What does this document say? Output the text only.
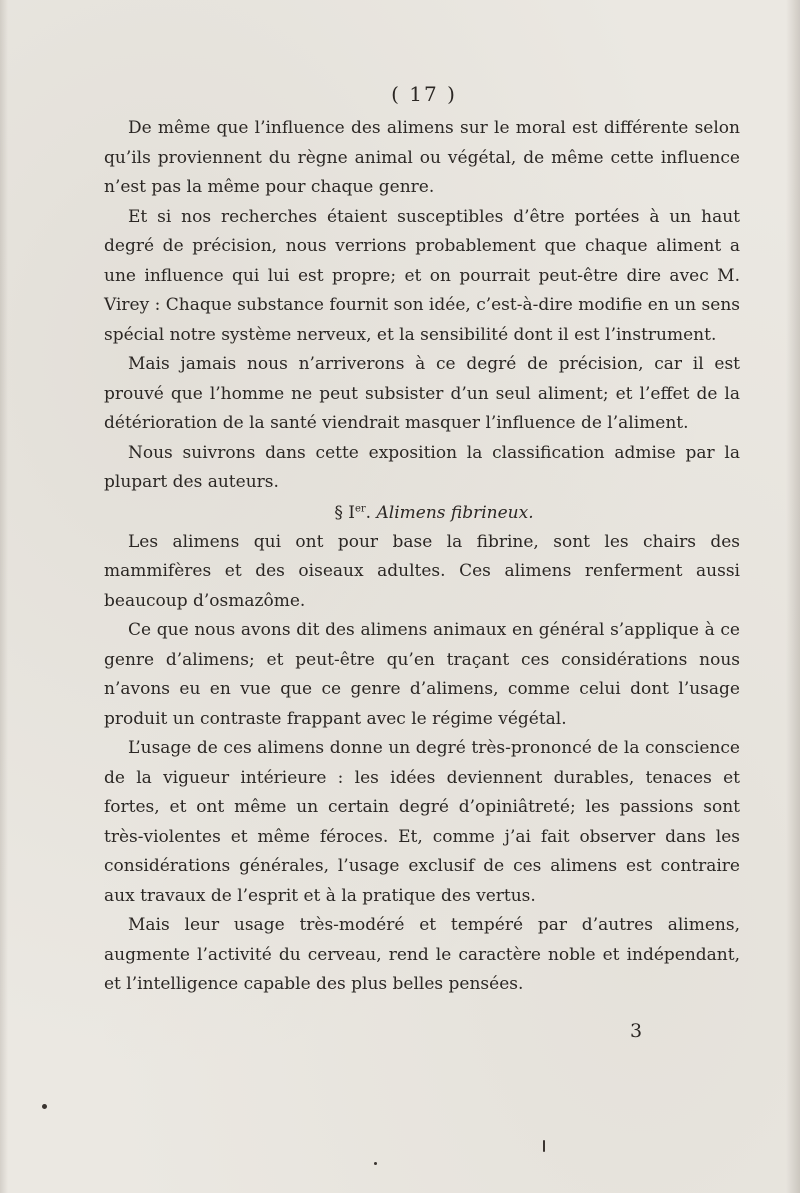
( 17 )

De même que l’influence des alimens sur le moral est différente selon qu’ils proviennent du règne animal ou végétal, de même cette influence n’est pas la même pour chaque genre.

Et si nos recherches étaient susceptibles d’être portées à un haut degré de précision, nous verrions probablement que chaque aliment a une influence qui lui est propre; et on pourrait peut-être dire avec M. Virey : Chaque substance fournit son idée, c’est-à-dire modifie en un sens spécial notre système nerveux, et la sensibilité dont il est l’instrument.

Mais jamais nous n’arriverons à ce degré de précision, car il est prouvé que l’homme ne peut subsister d’un seul aliment; et l’effet de la détérioration de la santé viendrait masquer l’influence de l’aliment.

Nous suivrons dans cette exposition la classification admise par la plupart des auteurs.

§ Ier. Alimens fibrineux.

Les alimens qui ont pour base la fibrine, sont les chairs des mammifères et des oiseaux adultes. Ces alimens renferment aussi beaucoup d’osmazôme.

Ce que nous avons dit des alimens animaux en général s’applique à ce genre d’alimens; et peut-être qu’en traçant ces considérations nous n’avons eu en vue que ce genre d’alimens, comme celui dont l’usage produit un contraste frappant avec le régime végétal.

L’usage de ces alimens donne un degré très-prononcé de la conscience de la vigueur intérieure : les idées deviennent durables, tenaces et fortes, et ont même un certain degré d’opiniâtreté; les passions sont très-violentes et même féroces. Et, comme j’ai fait observer dans les considérations générales, l’usage exclusif de ces alimens est contraire aux travaux de l’esprit et à la pratique des vertus.

Mais leur usage très-modéré et tempéré par d’autres alimens, augmente l’activité du cerveau, rend le caractère noble et indépendant, et l’intelligence capable des plus belles pensées.

3
